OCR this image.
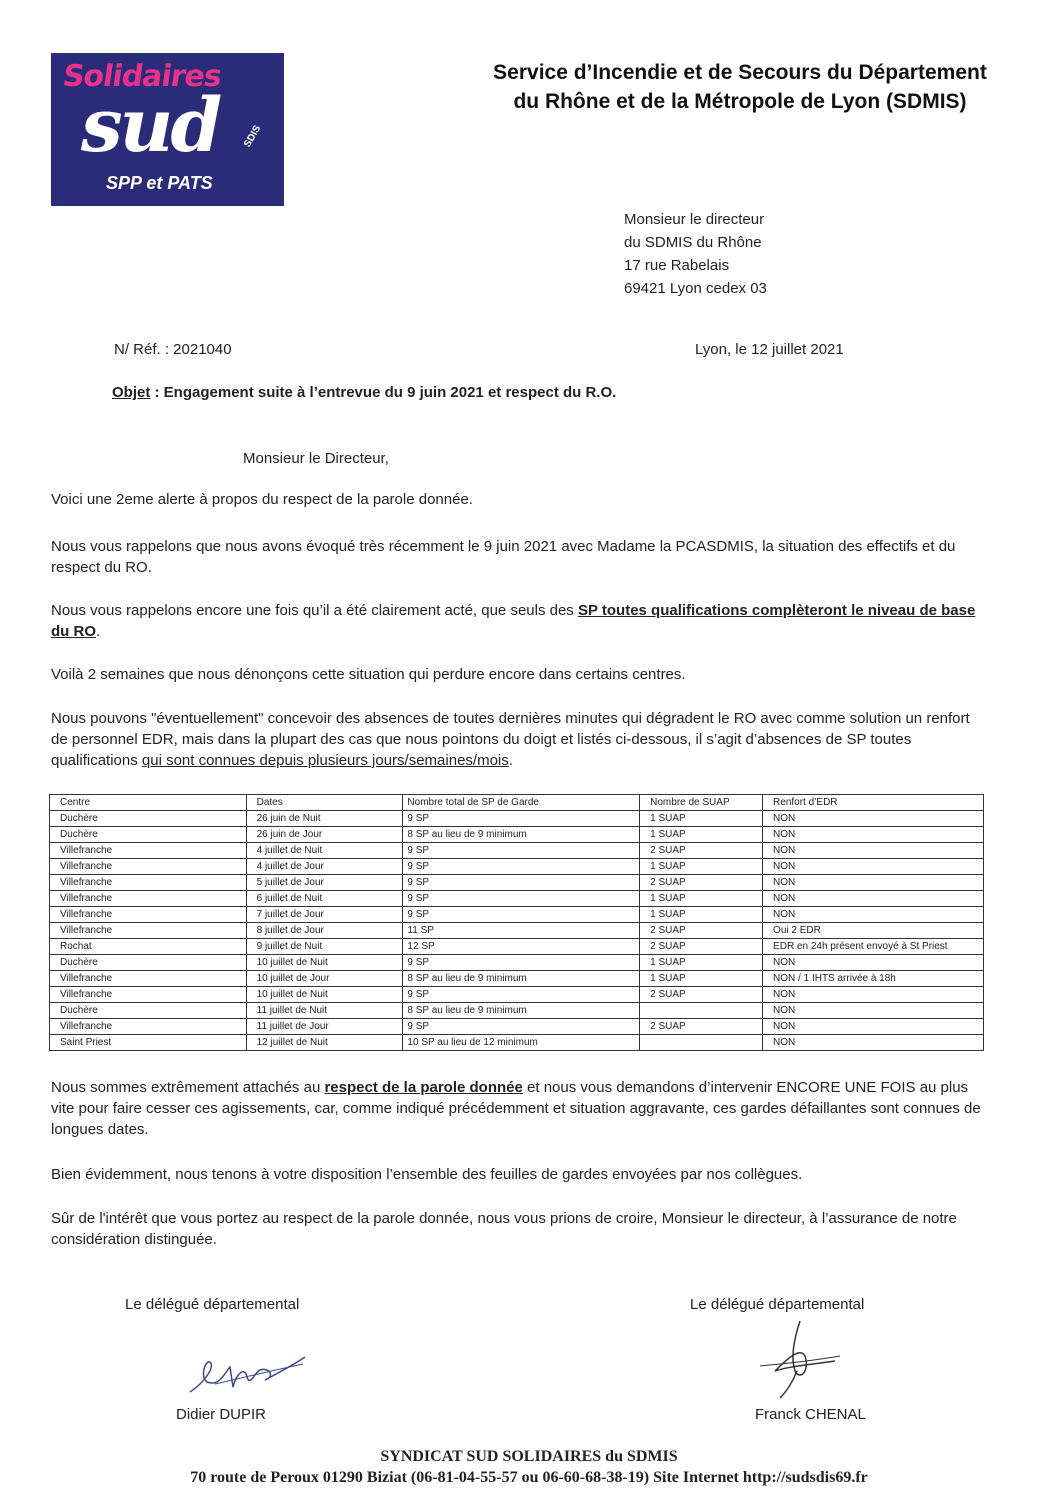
Solidaires
sud SDIS
SPP et PATS
Service d’Incendie et de Secours du Département
du Rhône et de la Métropole de Lyon (SDMIS)
Monsieur le directeur
du SDMIS du Rhône
17 rue Rabelais
69421 Lyon cedex 03
N/ Réf. : 2021040	Lyon, le 12 juillet 2021
Objet : Engagement suite à l’entrevue du 9 juin 2021 et respect du R.O.
Monsieur le Directeur,
Voici une 2eme alerte à propos du respect de la parole donnée.
Nous vous rappelons que nous avons évoqué très récemment le 9 juin 2021 avec Madame la PCASDMIS, la situation des effectifs et du respect du RO.
Nous vous rappelons encore une fois qu’il a été clairement acté, que seuls des SP toutes qualifications complèteront le niveau de base du RO.
Voilà 2 semaines que nous dénonçons cette situation qui perdure encore dans certains centres.
Nous pouvons "éventuellement" concevoir des absences de toutes dernières minutes qui dégradent le RO avec comme solution un renfort de personnel EDR, mais dans la plupart des cas que nous pointons du doigt et listés ci-dessous, il s’agit d’absences de SP toutes qualifications qui sont connues depuis plusieurs jours/semaines/mois.
Centre	Dates	Nombre total de SP de Garde	Nombre de SUAP	Renfort d’EDR
Duchère	26 juin de Nuit	9 SP	1 SUAP	NON
Duchère	26 juin de Jour	8 SP au lieu de 9 minimum	1 SUAP	NON
Villefranche	4 juillet de Nuit	9 SP	2 SUAP	NON
Villefranche	4 juillet de Jour	9 SP	1 SUAP	NON
Villefranche	5 juillet de Jour	9 SP	2 SUAP	NON
Villefranche	6 juillet de Nuit	9 SP	1 SUAP	NON
Villefranche	7 juillet de Jour	9 SP	1 SUAP	NON
Villefranche	8 juillet de Jour	11 SP	2 SUAP	Oui 2 EDR
Rochat	9 juillet de Nuit	12 SP	2 SUAP	EDR en 24h présent envoyé à St Priest
Duchère	10 juillet de Nuit	9 SP	1 SUAP	NON
Villefranche	10 juillet de Jour	8 SP au lieu de 9 minimum	1 SUAP	NON / 1 IHTS arrivée à 18h
Villefranche	10 juillet de Nuit	9 SP	2 SUAP	NON
Duchère	11 juillet de Nuit	8 SP au lieu de 9 minimum		NON
Villefranche	11 juillet de Jour	9 SP	2 SUAP	NON
Saint Priest	12 juillet de Nuit	10 SP au lieu de 12 minimum		NON
Nous sommes extrêmement attachés au respect de la parole donnée et nous vous demandons d’intervenir ENCORE UNE FOIS au plus vite pour faire cesser ces agissements, car, comme indiqué précédemment et situation aggravante, ces gardes défaillantes sont connues de longues dates.
Bien évidemment, nous tenons à votre disposition l’ensemble des feuilles de gardes envoyées par nos collègues.
Sûr de l'intérêt que vous portez au respect de la parole donnée, nous vous prions de croire, Monsieur le directeur, à l’assurance de notre considération distinguée.
Le délégué départemental	Le délégué départemental
Didier DUPIR	Franck CHENAL
SYNDICAT SUD SOLIDAIRES du SDMIS
70 route de Peroux 01290 Biziat (06-81-04-55-57 ou 06-60-68-38-19) Site Internet http://sudsdis69.fr
